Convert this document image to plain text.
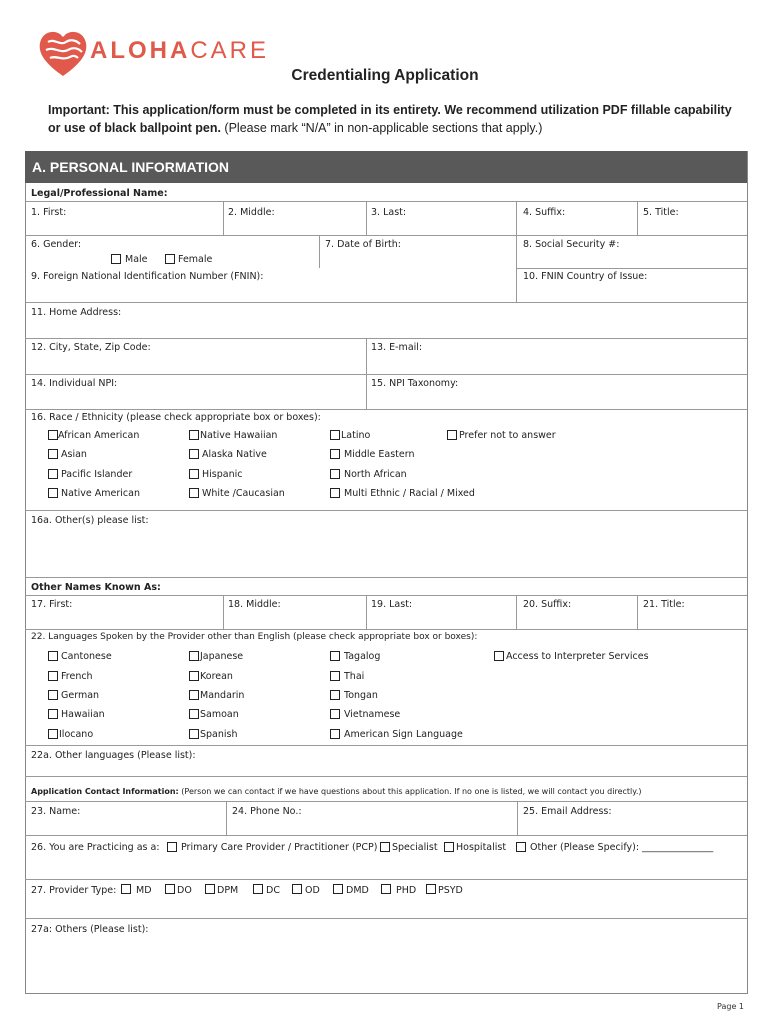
ALOHACARE
Credentialing Application
Important: This application/form must be completed in its entirety. We recommend utilization PDF fillable capability
or use of black ballpoint pen. (Please mark “N/A” in non-applicable sections that apply.)
A. PERSONAL INFORMATION
Legal/Professional Name:
1. First:	2. Middle:	3. Last:	4. Suffix:	5. Title:
6. Gender:
Male	Female
7. Date of Birth:	8. Social Security #:
9. Foreign National Identification Number (FNIN):	10. FNIN Country of Issue:
11. Home Address:
12. City, State, Zip Code:	13. E-mail:
14. Individual NPI:	15. NPI Taxonomy:
16. Race / Ethnicity (please check appropriate box or boxes):
African American	Native Hawaiian	Latino	Prefer not to answer
Asian	Alaska Native	Middle Eastern
Pacific Islander	Hispanic	North African
Native American	White /Caucasian	Multi Ethnic / Racial / Mixed
16a. Other(s) please list:
Other Names Known As:
17. First:	18. Middle:	19. Last:	20. Suffix:	21. Title:
22. Languages Spoken by the Provider other than English (please check appropriate box or boxes):
Cantonese	Japanese	Tagalog	Access to Interpreter Services
French	Korean	Thai
German	Mandarin	Tongan
Hawaiian	Samoan	Vietnamese
Ilocano	Spanish	American Sign Language
22a. Other languages (Please list):
Application Contact Information: (Person we can contact if we have questions about this application. If no one is listed, we will contact you directly.)
23. Name:	24. Phone No.:	25. Email Address:
26. You are Practicing as a: Primary Care Provider / Practitioner (PCP) Specialist Hospitalist	Other (Please Specify): _______________
27. Provider Type: MD	DO	DPM	DC	OD	DMD	PHD PSYD
27a: Others (Please list):
Page 1
